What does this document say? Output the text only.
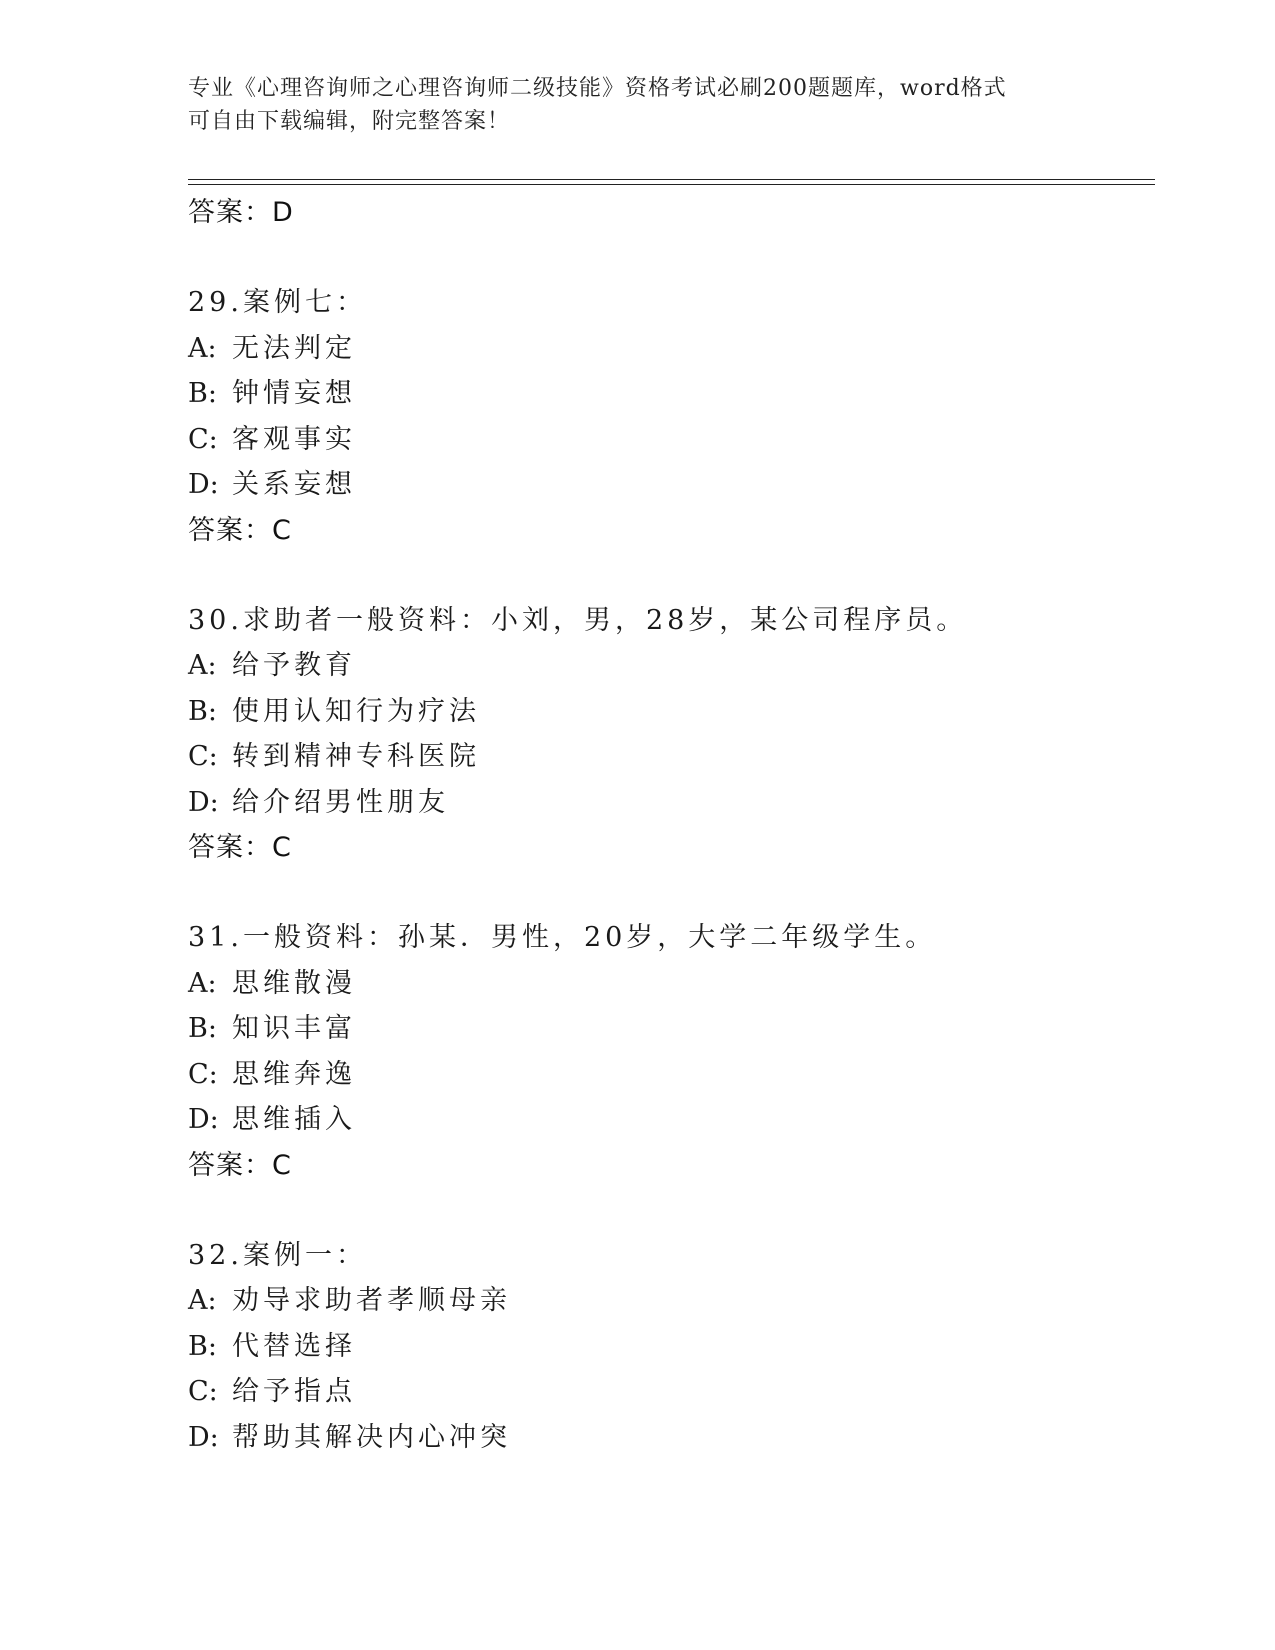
专业《心理咨询师之心理咨询师二级技能》资格考试必刷200题题库，word格式
可自由下载编辑，附完整答案！
答案：D
29.案例七：
A: 无法判定
B: 钟情妄想
C: 客观事实
D: 关系妄想
答案：C
30.求助者一般资料：小刘，男，28岁，某公司程序员。
A: 给予教育
B: 使用认知行为疗法
C: 转到精神专科医院
D: 给介绍男性朋友
答案：C
31.一般资料：孙某．男性，20岁，大学二年级学生。
A: 思维散漫
B: 知识丰富
C: 思维奔逸
D: 思维插入
答案：C
32.案例一：
A: 劝导求助者孝顺母亲
B: 代替选择
C: 给予指点
D: 帮助其解决内心冲突
